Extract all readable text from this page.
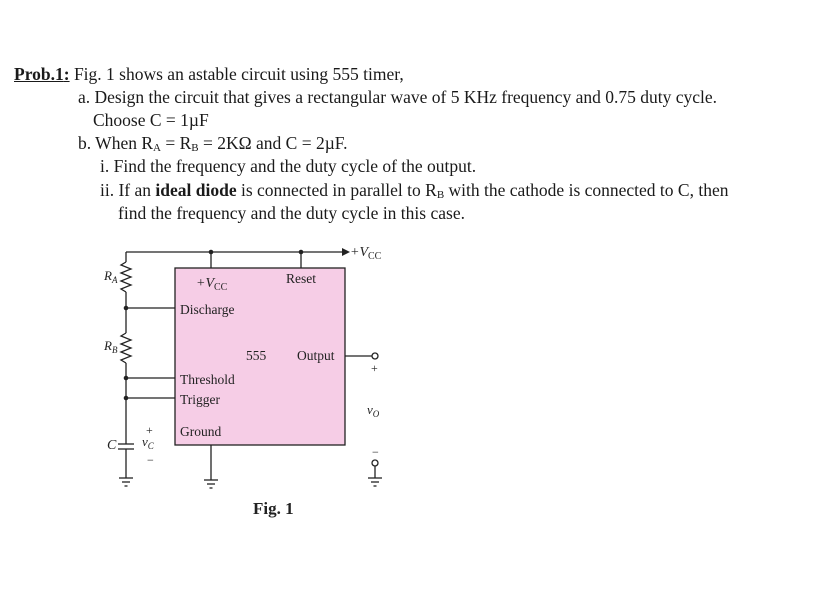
Prob.1: Fig. 1 shows an astable circuit using 555 timer,
a. Design the circuit that gives a rectangular wave of 5 KHz frequency and 0.75 duty cycle.
Choose C = 1µF
b. When $R_A = R_B = 2K\Omega$ and C = 2µF.
i. Find the frequency and the duty cycle of the output.
ii. If an ideal diode is connected in parallel to $R_B$ with the cathode is connected to C, then
find the frequency and the duty cycle in this case.
$+V_{CC}$
$+V_{CC}$
Reset
Discharge
555 Output
Threshold
Trigger
Ground
$R_A$
$R_B$
C
+
$v_C$
−
+
$v_O$
−
Fig. 1
